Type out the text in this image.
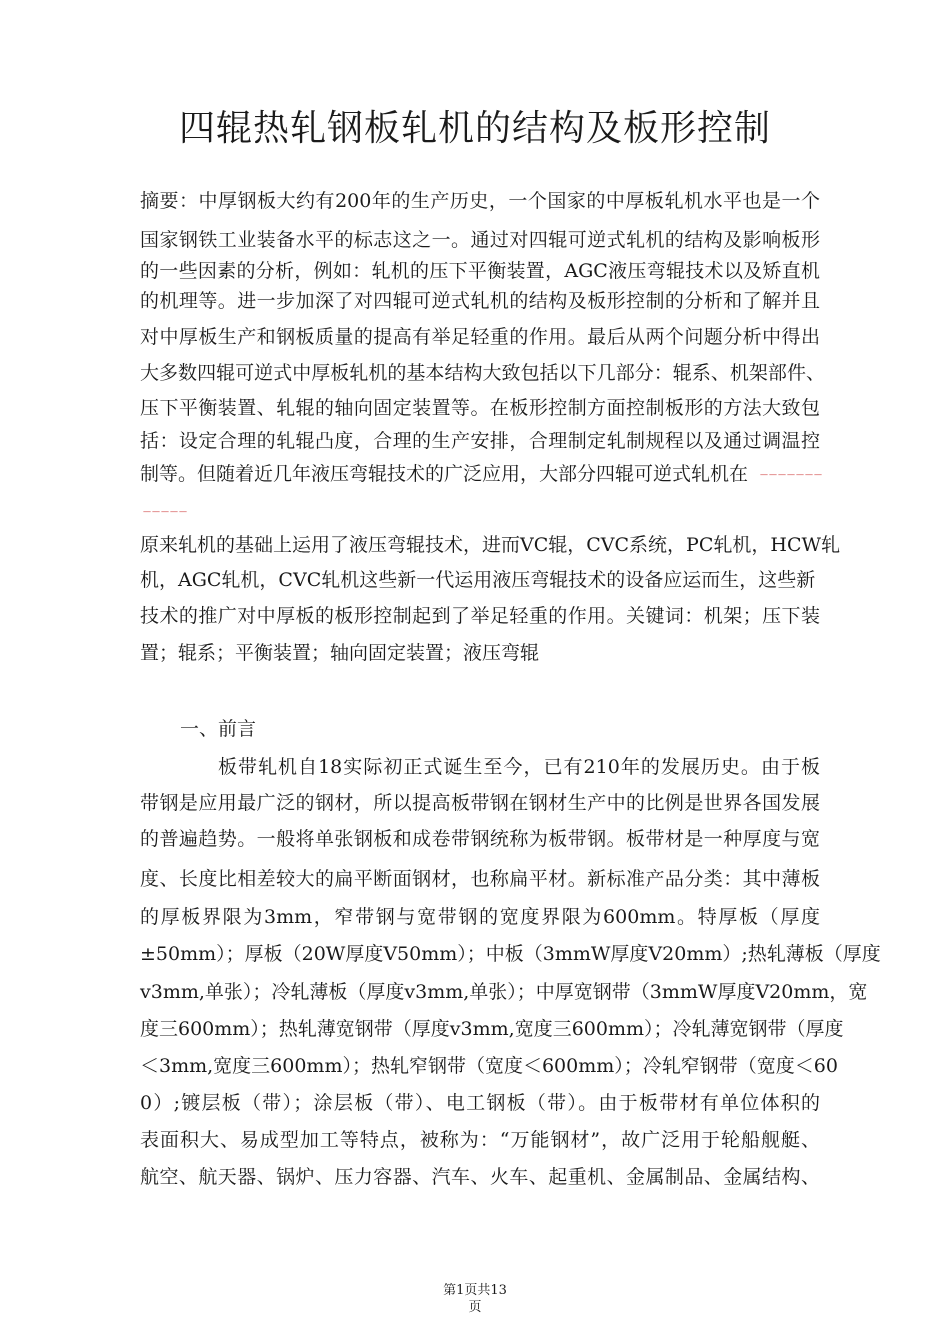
四辊热轧钢板轧机的结构及板形控制
摘要：中厚钢板大约有200年的生产历史，一个国家的中厚板轧机水平也是一个
国家钢铁工业装备水平的标志这之一。通过对四辊可逆式轧机的结构及影响板形
的一些因素的分析，例如：轧机的压下平衡装置，AGC液压弯辊技术以及矫直机
的机理等。进一步加深了对四辊可逆式轧机的结构及板形控制的分析和了解并且
对中厚板生产和钢板质量的提高有举足轻重的作用。最后从两个问题分析中得出
大多数四辊可逆式中厚板轧机的基本结构大致包括以下几部分：辊系、机架部件、
压下平衡装置、轧辊的轴向固定装置等。在板形控制方面控制板形的方法大致包
括：设定合理的轧辊凸度，合理的生产安排，合理制定轧制规程以及通过调温控
制等。但随着近几年液压弯辊技术的广泛应用，大部分四辊可逆式轧机在 ———————
—————
原来轧机的基础上运用了液压弯辊技术，进而VC辊，CVC系统，PC轧机，HCW轧
机，AGC轧机，CVC轧机这些新一代运用液压弯辊技术的设备应运而生，这些新
技术的推广对中厚板的板形控制起到了举足轻重的作用。关键词：机架；压下装
置；辊系；平衡装置；轴向固定装置；液压弯辊
一、前言
板带轧机自18实际初正式诞生至今，已有210年的发展历史。由于板
带钢是应用最广泛的钢材，所以提高板带钢在钢材生产中的比例是世界各国发展
的普遍趋势。一般将单张钢板和成卷带钢统称为板带钢。板带材是一种厚度与宽
度、长度比相差较大的扁平断面钢材，也称扁平材。新标准产品分类：其中薄板
的厚板界限为3mm，窄带钢与宽带钢的宽度界限为600mm。特厚板（厚度
±50mm）；厚板（20W厚度V50mm）；中板（3mmW厚度V20mm）;热轧薄板（厚度
v3mm,单张）；冷轧薄板（厚度v3mm,单张）；中厚宽钢带（3mmW厚度V20mm，宽
度三600mm）；热轧薄宽钢带（厚度v3mm,宽度三600mm）；冷轧薄宽钢带（厚度
＜3mm,宽度三600mm）；热轧窄钢带（宽度＜600mm）；冷轧窄钢带（宽度＜60
0）;镀层板（带）；涂层板（带）、电工钢板（带）。由于板带材有单位体积的
表面积大、易成型加工等特点，被称为：“万能钢材”，故广泛用于轮船舰艇、
航空、航天器、锅炉、压力容器、汽车、火车、起重机、金属制品、金属结构、
第1页共13
页
